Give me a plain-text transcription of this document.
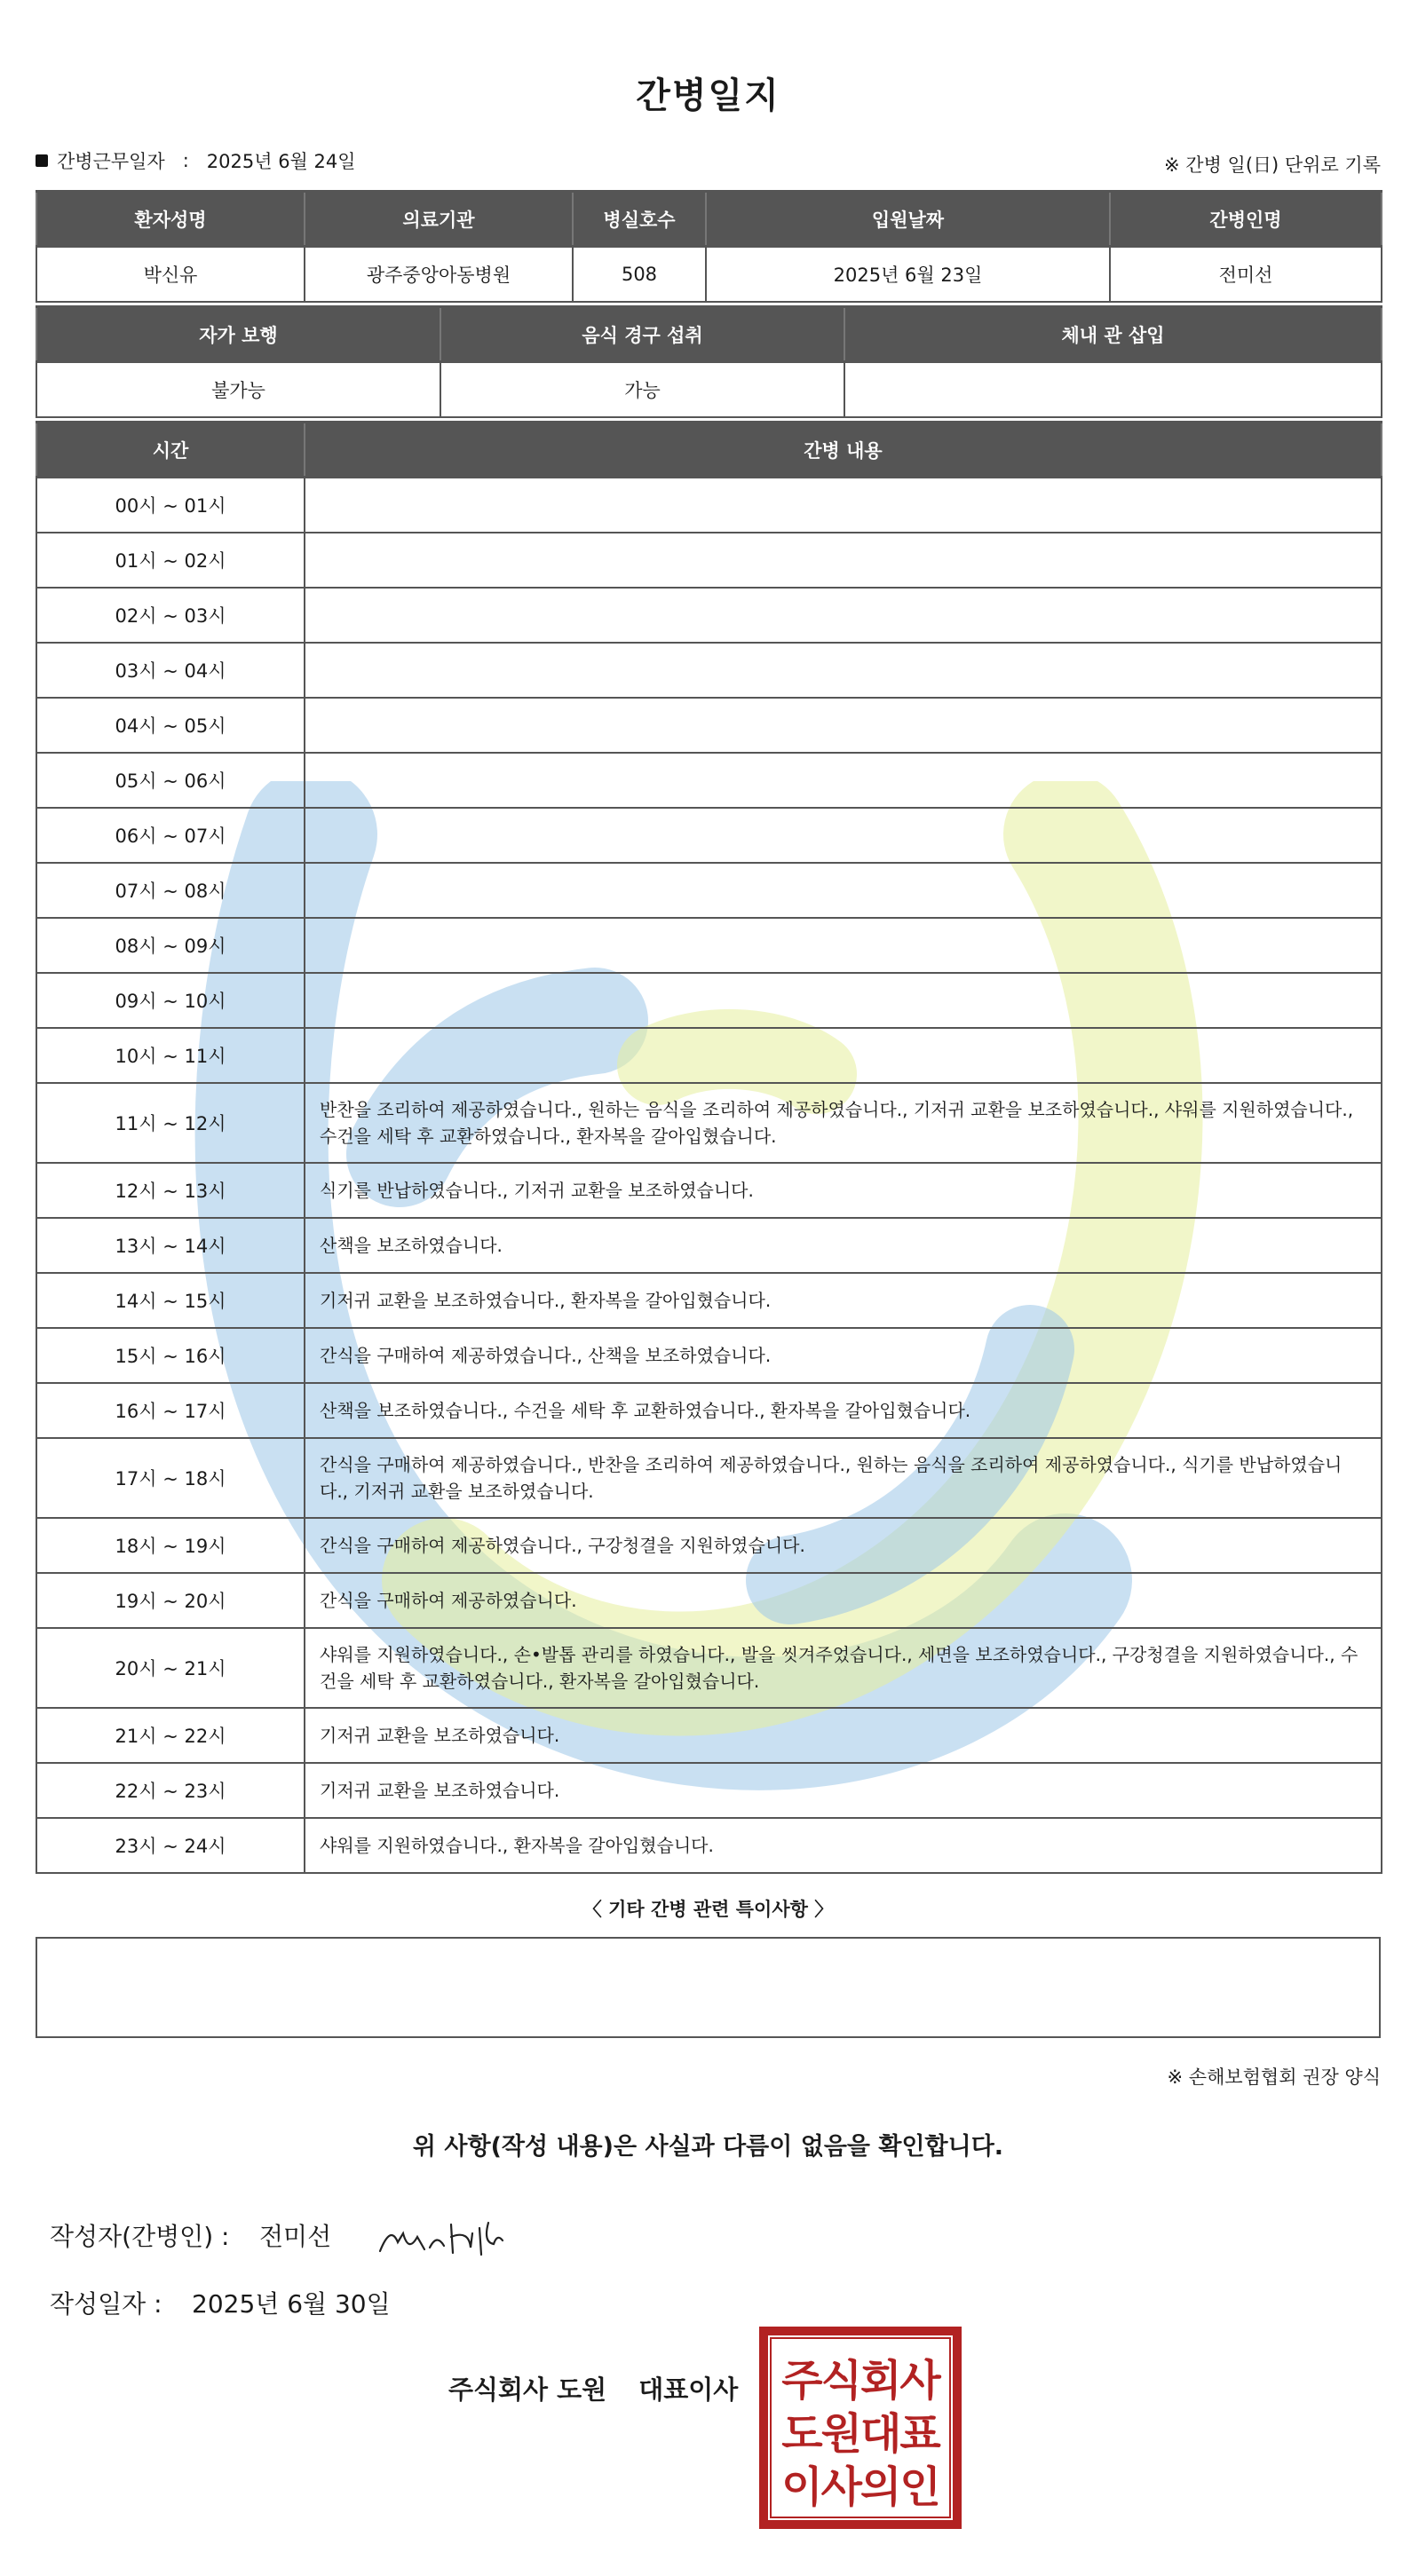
간병일지
간병근무일자 : 2025년 6월 24일	※ 간병 일(日) 단위로 기록
환자성명	의료기관	병실호수	입원날짜	간병인명
박신유	광주중앙아동병원	508	2025년 6월 23일	전미선
자가 보행	음식 경구 섭취	체내 관 삽입
불가능	가능	
시간	간병 내용
00시 ~ 01시	
01시 ~ 02시	
02시 ~ 03시	
03시 ~ 04시	
04시 ~ 05시	
05시 ~ 06시	
06시 ~ 07시	
07시 ~ 08시	
08시 ~ 09시	
09시 ~ 10시	
10시 ~ 11시	
11시 ~ 12시	반찬을 조리하여 제공하였습니다., 원하는 음식을 조리하여 제공하였습니다., 기저귀 교환을 보조하였습니다., 샤워를 지원하였습니다., 수건을 세탁 후 교환하였습니다., 환자복을 갈아입혔습니다.
12시 ~ 13시	식기를 반납하였습니다., 기저귀 교환을 보조하였습니다.
13시 ~ 14시	산책을 보조하였습니다.
14시 ~ 15시	기저귀 교환을 보조하였습니다., 환자복을 갈아입혔습니다.
15시 ~ 16시	간식을 구매하여 제공하였습니다., 산책을 보조하였습니다.
16시 ~ 17시	산책을 보조하였습니다., 수건을 세탁 후 교환하였습니다., 환자복을 갈아입혔습니다.
17시 ~ 18시	간식을 구매하여 제공하였습니다., 반찬을 조리하여 제공하였습니다., 원하는 음식을 조리하여 제공하였습니다., 식기를 반납하였습니다., 기저귀 교환을 보조하였습니다.
18시 ~ 19시	간식을 구매하여 제공하였습니다., 구강청결을 지원하였습니다.
19시 ~ 20시	간식을 구매하여 제공하였습니다.
20시 ~ 21시	샤워를 지원하였습니다., 손•발톱 관리를 하였습니다., 발을 씻겨주었습니다., 세면을 보조하였습니다., 구강청결을 지원하였습니다., 수건을 세탁 후 교환하였습니다., 환자복을 갈아입혔습니다.
21시 ~ 22시	기저귀 교환을 보조하였습니다.
22시 ~ 23시	기저귀 교환을 보조하였습니다.
23시 ~ 24시	샤워를 지원하였습니다., 환자복을 갈아입혔습니다.
〈 기타 간병 관련 특이사항 〉
※ 손해보험협회 권장 양식
위 사항(작성 내용)은 사실과 다름이 없음을 확인합니다.
작성자(간병인) :	전미선
작성일자 :	2025년 6월 30일
주식회사 도원 대표이사 주식회사
도원대표
이사의인
